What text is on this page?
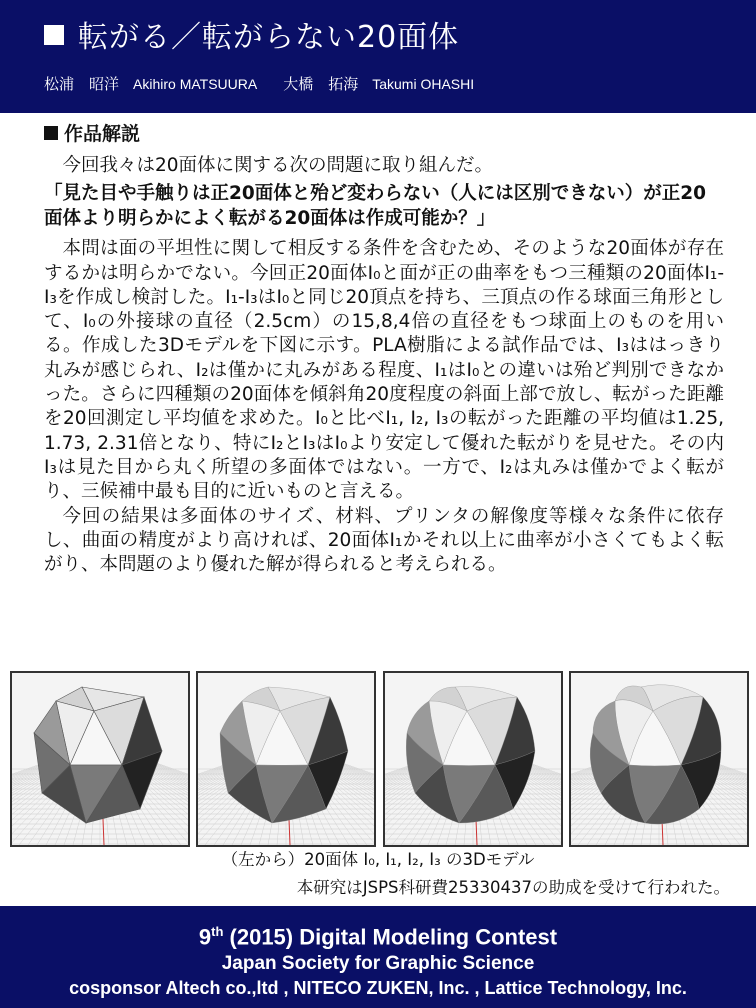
転がる／転がらない20面体
松浦　昭洋 Akihiro MATSUURA 大橋　拓海 Takumi OHASHI
作品解説

今回我々は20面体に関する次の問題に取り組んだ。

「見た目や手触りは正20面体と殆ど変わらない（人には区別できない）が正20面体より明らかによく転がる20面体は作成可能か？」

本問は面の平坦性に関して相反する条件を含むため、そのような20面体が存在するかは明らかでない。今回正20面体I₀と面が正の曲率をもつ三種類の20面体I₁-I₃を作成し検討した。I₁-I₃はI₀と同じ20頂点を持ち、三頂点の作る球面三角形として、I₀の外接球の直径（2.5cm）の15,8,4倍の直径をもつ球面上のものを用いる。作成した3Dモデルを下図に示す。PLA樹脂による試作品では、I₃ははっきり丸みが感じられ、I₂は僅かに丸みがある程度、I₁はI₀との違いは殆ど判別できなかった。さらに四種類の20面体を傾斜角20度程度の斜面上部で放し、転がった距離を20回測定し平均値を求めた。I₀と比べI₁, I₂, I₃の転がった距離の平均値は1.25, 1.73, 2.31倍となり、特にI₂とI₃はI₀より安定して優れた転がりを見せた。その内I₃は見た目から丸く所望の多面体ではない。一方で、I₂は丸みは僅かでよく転がり、三候補中最も目的に近いものと言える。

今回の結果は多面体のサイズ、材料、プリンタの解像度等様々な条件に依存し、曲面の精度がより高ければ、20面体I₁かそれ以上に曲率が小さくてもよく転がり、本問題のより優れた解が得られると考えられる。

（左から）20面体 I₀, I₁, I₂, I₃ の3Dモデル
本研究はJSPS科研費25330437の助成を受けて行われた。
9th (2015) Digital Modeling Contest
Japan Society for Graphic Science
cosponsor Altech co.,ltd , NITECO ZUKEN, Inc. , Lattice Technology, Inc.
